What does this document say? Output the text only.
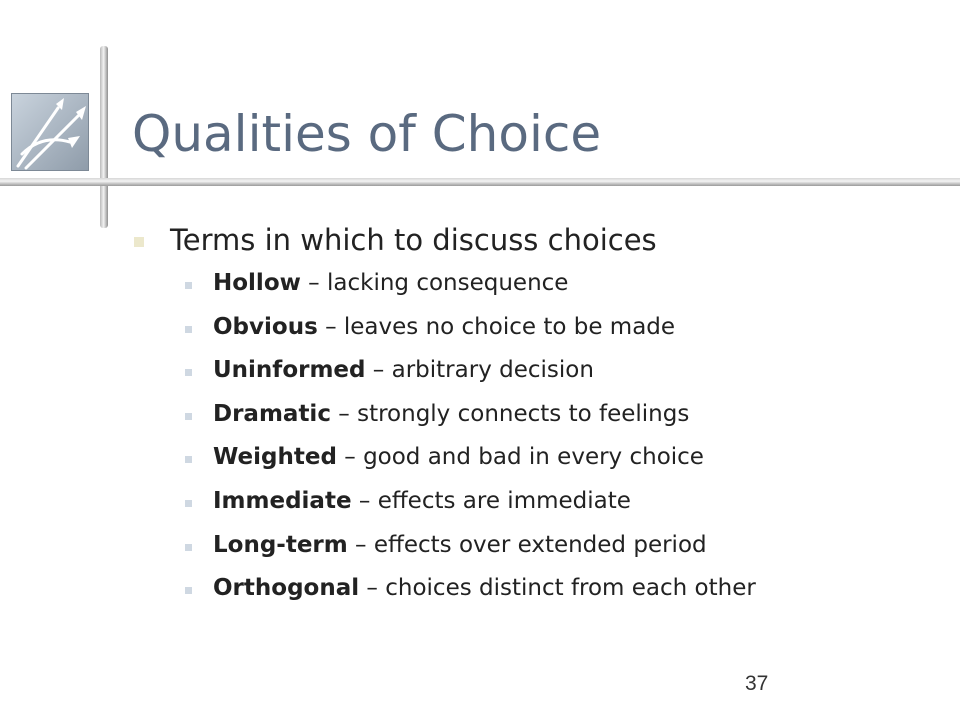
Qualities of Choice
Terms in which to discuss choices
Hollow – lacking consequence
Obvious – leaves no choice to be made
Uninformed – arbitrary decision
Dramatic – strongly connects to feelings
Weighted – good and bad in every choice
Immediate – effects are immediate
Long-term – effects over extended period
Orthogonal – choices distinct from each other
37
